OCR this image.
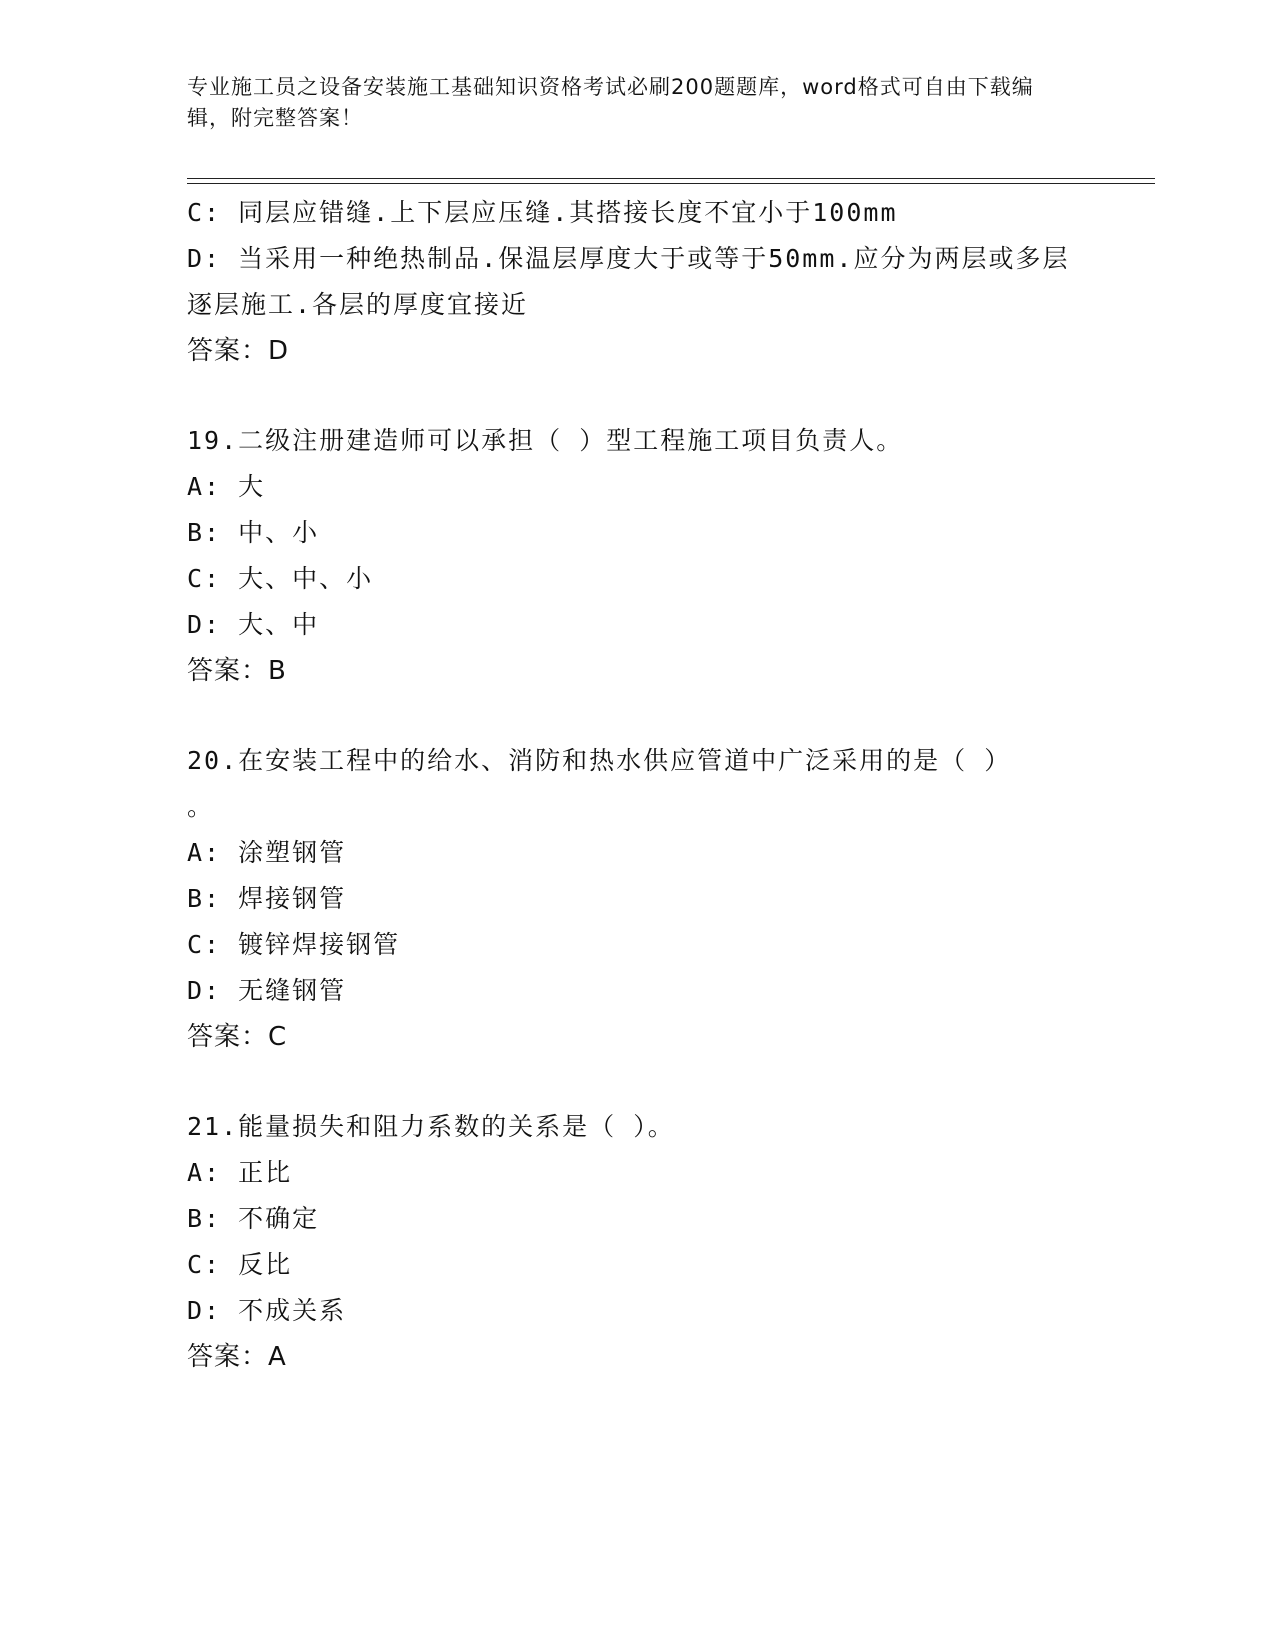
专业施工员之设备安装施工基础知识资格考试必刷200题题库，word格式可自由下载编辑，附完整答案！
C: 同层应错缝.上下层应压缝.其搭接长度不宜小于100mm
D: 当采用一种绝热制品.保温层厚度大于或等于50mm.应分为两层或多层逐层施工.各层的厚度宜接近
答案：D
19.二级注册建造师可以承担（ ）型工程施工项目负责人。
A: 大
B: 中、小
C: 大、中、小
D: 大、中
答案：B
20.在安装工程中的给水、消防和热水供应管道中广泛采用的是（ ）
。
A: 涂塑钢管
B: 焊接钢管
C: 镀锌焊接钢管
D: 无缝钢管
答案：C
21.能量损失和阻力系数的关系是（ ）。
A: 正比
B: 不确定
C: 反比
D: 不成关系
答案：A
